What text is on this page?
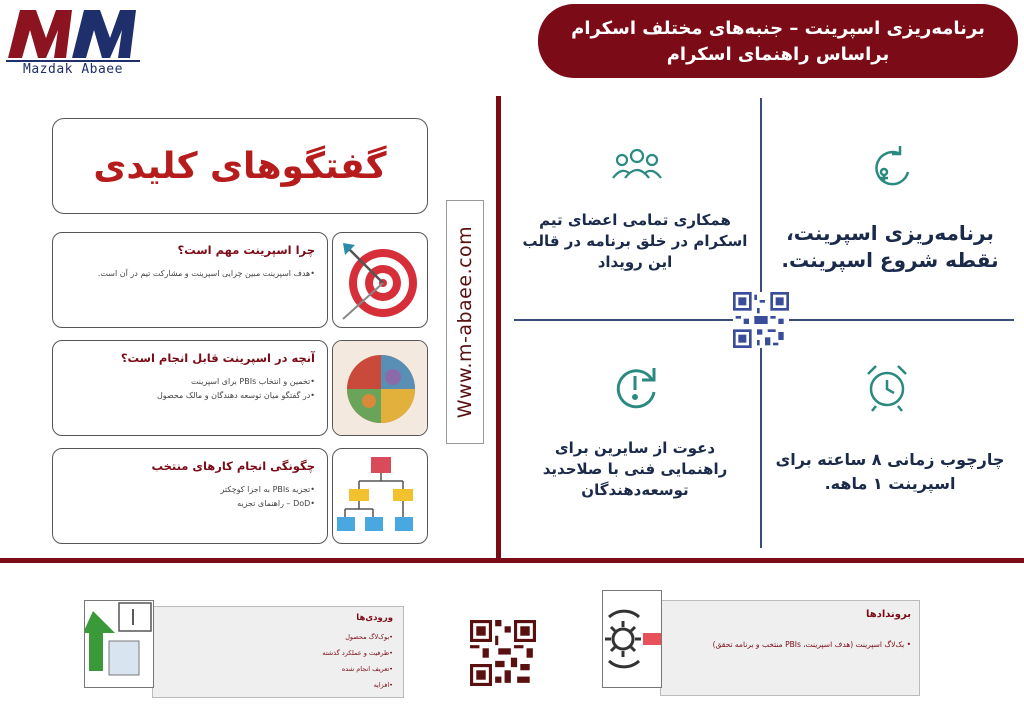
Mazdak Abaee
برنامه‌ریزی اسپرینت – جنبه‌های مختلف اسکرام
براساس راهنمای اسکرام
همکاری تمامی اعضای تیم اسکرام در خلق برنامه در قالب این رویداد
برنامه‌ریزی اسپرینت، نقطه شروع اسپرینت.
دعوت از سایرین برای راهنمایی فنی با صلاحدید توسعه‌دهندگان
چارچوب زمانی ۸ ساعته برای اسپرینت ۱ ماهه.
گفتگوهای کلیدی
Www.m-abaee.com
چرا اسپرینت مهم است؟

•هدف اسپرینت مبین چرایی اسپرینت و مشارکت تیم در آن است.

آنچه در اسپرینت قابل انجام است؟

•تخمین و انتخاب PBIs برای اسپرینت

•در گفتگو میان توسعه دهندگان و مالک محصول

چگونگی انجام کارهای منتخب

•تجزیه PBIs به اجزا کوچکتر

•DoD – راهنمای تجزیه

ورودی‌ها

•بوک‌لاگ محصول

•ظرفیت و عملکرد گذشته

•تعریف انجام شده

•افزایه

برونداد‌ها

• بک‌لاگ اسپرینت (هدف اسپرینت، PBIs منتخب و برنامه تحقق)
